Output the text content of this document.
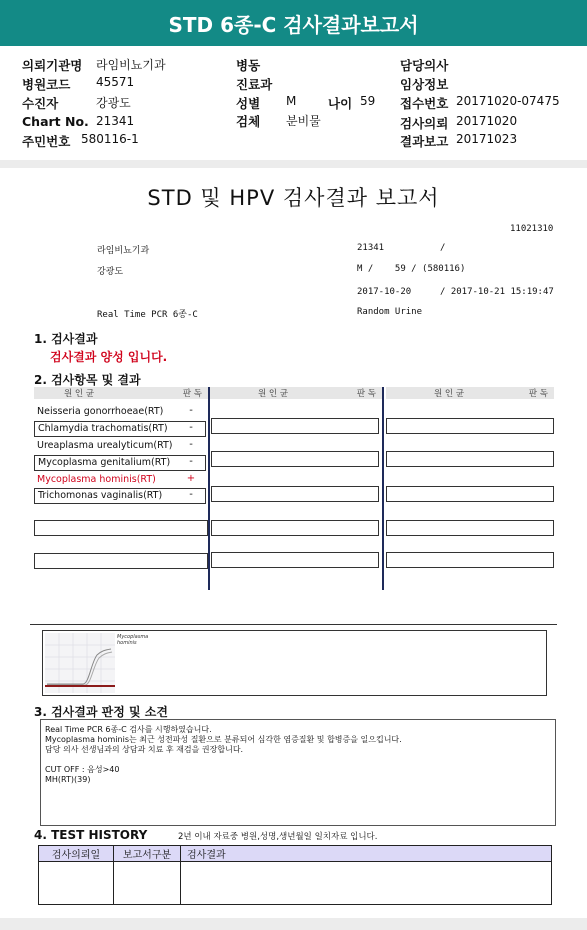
STD 6종-C 검사결과보고서
의뢰기관명 라임비뇨기과
병원코드 45571
수진자	강광도
Chart No. 21341
주민번호 580116-1
병동
진료과
성별 M	나이 59
검체 분비물
담당의사
임상정보
접수번호 20171020-07475
검사의뢰 20171020
결과보고 20171023
STD 및 HPV 검사결과 보고서
11021310
라임비뇨기과	21341	/
강광도	M /    59 / (580116)
2017-10-20	/ 2017-10-21 15:19:47
Real Time PCR 6종-C	Random Urine
1. 검사결과
검사결과 양성 입니다.
2. 검사항목 및 결과
원 인 균	판 독	원 인 균	판 독	원 인 균	판 독
Neisseria gonorrhoeae(RT)	-
Chlamydia trachomatis(RT)	-
Ureaplasma urealyticum(RT)	-
Mycoplasma genitalium(RT)	-
Mycoplasma hominis(RT)	+
Trichomonas vaginalis(RT)	-
Mycoplasma hominis
3. 검사결과 판정 및 소견
Real Time PCR 6종-C 검사를 시행하였습니다.
Mycoplasma hominis는 최근 성전파성 질환으로 분류되어 심각한 염증질환 및 합병증을 일으킵니다.
담당 의사 선생님과의 상담과 치료 후 재검을 권장합니다.
CUT OFF : 음성>40
MH(RT)(39)
4. TEST HISTORY	2년 이내 자료중 병원,성명,생년월일 일치자료 입니다.
검사의뢰일	보고서구분	검사결과
